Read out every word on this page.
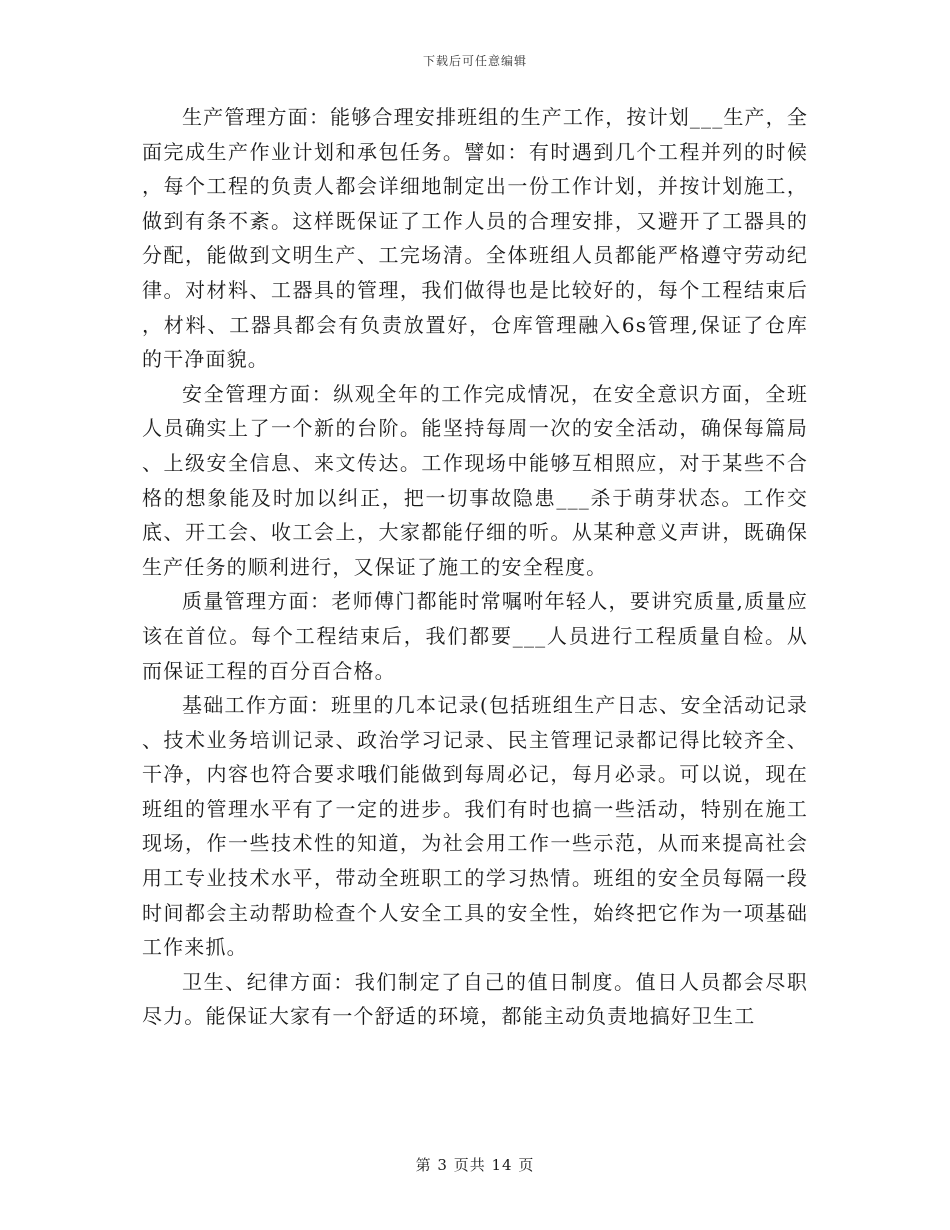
下载后可任意编辑

生产管理方面：能够合理安排班组的生产工作，按计划___生产，全面完成生产作业计划和承包任务。譬如：有时遇到几个工程并列的时候，每个工程的负责人都会详细地制定出一份工作计划，并按计划施工，做到有条不紊。这样既保证了工作人员的合理安排，又避开了工器具的分配，能做到文明生产、工完场清。全体班组人员都能严格遵守劳动纪律。对材料、工器具的管理，我们做得也是比较好的，每个工程结束后，材料、工器具都会有负责放置好，仓库管理融入6s管理,保证了仓库的干净面貌。

安全管理方面：纵观全年的工作完成情况，在安全意识方面，全班人员确实上了一个新的台阶。能坚持每周一次的安全活动，确保每篇局、上级安全信息、来文传达。工作现场中能够互相照应，对于某些不合格的想象能及时加以纠正，把一切事故隐患___杀于萌芽状态。工作交底、开工会、收工会上，大家都能仔细的听。从某种意义声讲，既确保生产任务的顺利进行，又保证了施工的安全程度。

质量管理方面：老师傅门都能时常嘱咐年轻人，要讲究质量,质量应该在首位。每个工程结束后，我们都要___人员进行工程质量自检。从而保证工程的百分百合格。

基础工作方面：班里的几本记录(包括班组生产日志、安全活动记录、技术业务培训记录、政治学习记录、民主管理记录都记得比较齐全、干净，内容也符合要求哦们能做到每周必记，每月必录。可以说，现在班组的管理水平有了一定的进步。我们有时也搞一些活动，特别在施工现场，作一些技术性的知道，为社会用工作一些示范，从而来提高社会用工专业技术水平，带动全班职工的学习热情。班组的安全员每隔一段时间都会主动帮助检查个人安全工具的安全性，始终把它作为一项基础工作来抓。

卫生、纪律方面：我们制定了自己的值日制度。值日人员都会尽职尽力。能保证大家有一个舒适的环境，都能主动负责地搞好卫生工

第 3 页共 14 页
